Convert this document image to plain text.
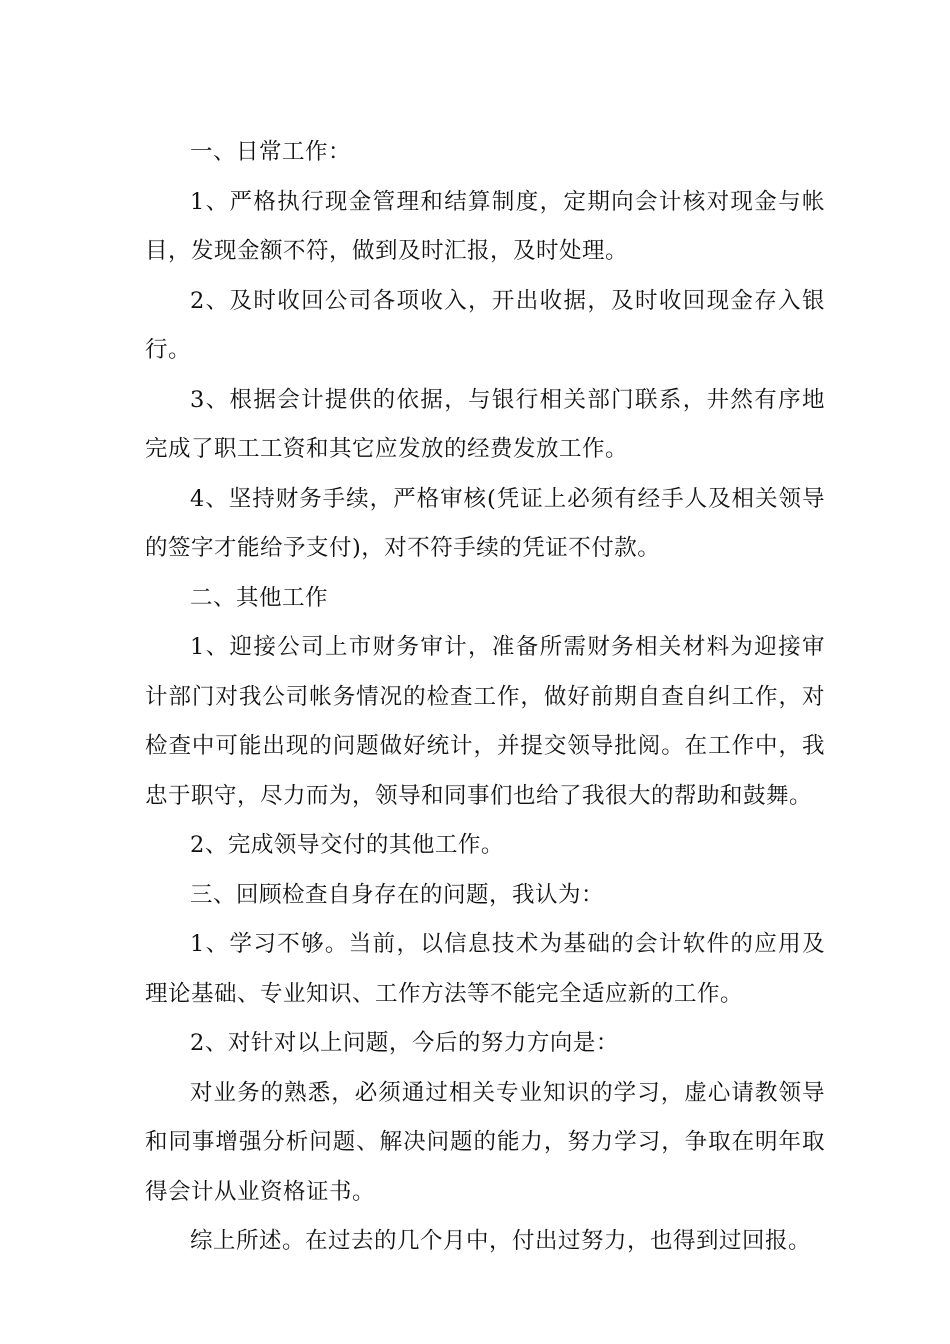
一、日常工作：

1、严格执行现金管理和结算制度，定期向会计核对现金与帐目，发现金额不符，做到及时汇报，及时处理。

2、及时收回公司各项收入，开出收据，及时收回现金存入银行。

3、根据会计提供的依据，与银行相关部门联系，井然有序地完成了职工工资和其它应发放的经费发放工作。

4、坚持财务手续，严格审核(凭证上必须有经手人及相关领导的签字才能给予支付)，对不符手续的凭证不付款。

二、其他工作

1、迎接公司上市财务审计，准备所需财务相关材料为迎接审计部门对我公司帐务情况的检查工作，做好前期自查自纠工作，对检查中可能出现的问题做好统计，并提交领导批阅。在工作中，我忠于职守，尽力而为，领导和同事们也给了我很大的帮助和鼓舞。

2、完成领导交付的其他工作。

三、回顾检查自身存在的问题，我认为：

1、学习不够。当前，以信息技术为基础的会计软件的应用及理论基础、专业知识、工作方法等不能完全适应新的工作。

2、对针对以上问题，今后的努力方向是：

对业务的熟悉，必须通过相关专业知识的学习，虚心请教领导和同事增强分析问题、解决问题的能力，努力学习，争取在明年取得会计从业资格证书。

综上所述。在过去的几个月中，付出过努力，也得到过回报。
